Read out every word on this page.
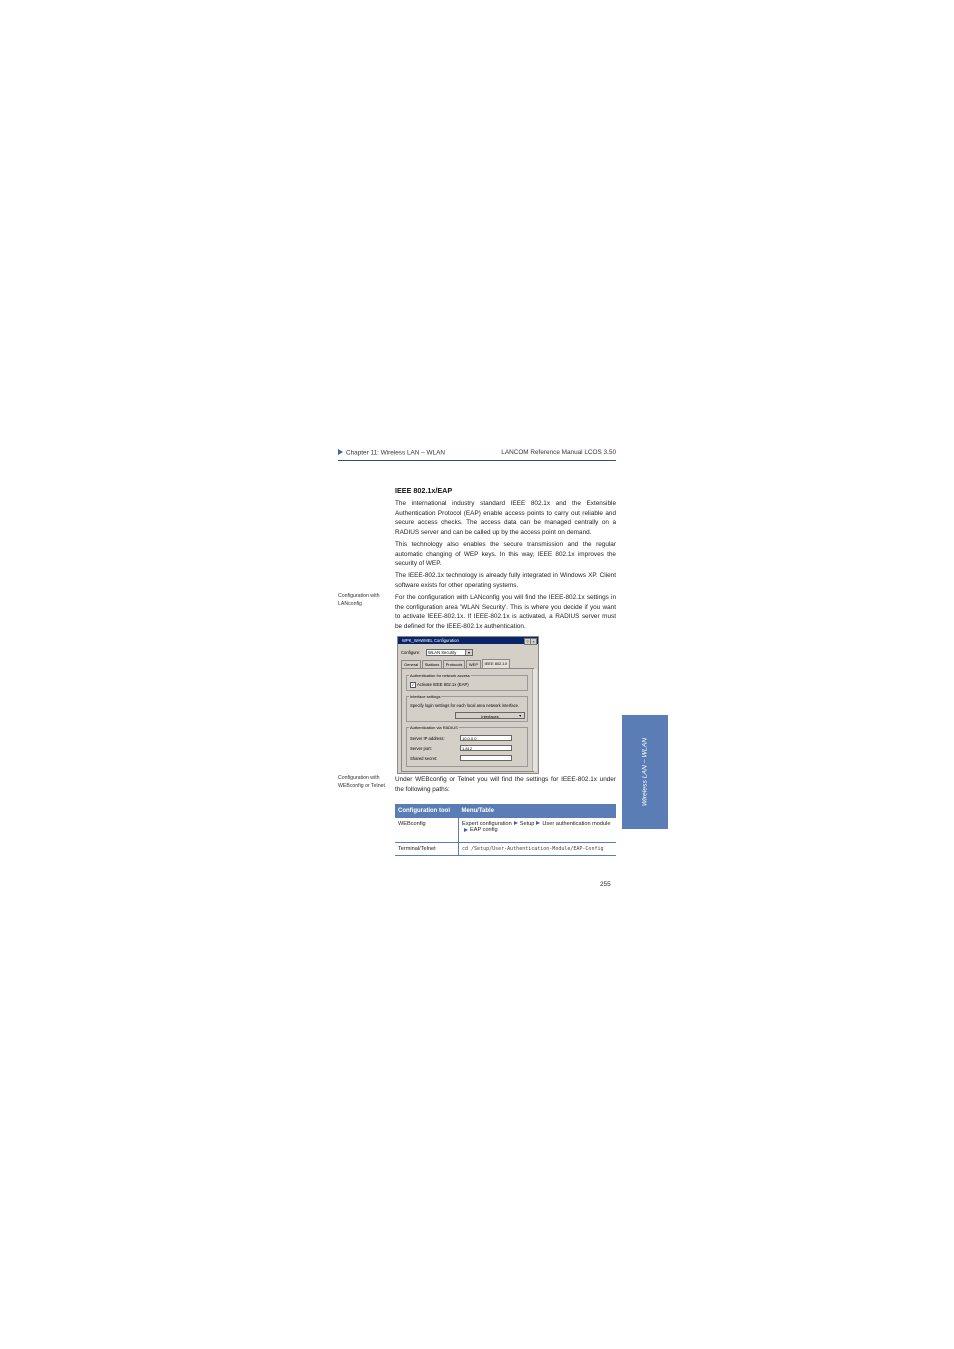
Chapter 11: Wireless LAN – WLAN	LANCOM Reference Manual LCOS 3.50
Wireless LAN – WLAN
IEEE 802.1x/EAP
The international industry standard IEEE 802.1x and the Extensible Authentication Protocol (EAP) enable access points to carry out reliable and secure access checks. The access data can be managed centrally on a RADIUS server and can be called up by the access point on demand.
This technology also enables the secure transmission and the regular automatic changing of WEP keys. In this way, IEEE 802.1x improves the security of WEP.
The IEEE-802.1x technology is already fully integrated in Windows XP. Client software exists for other operating systems.
Configuration with LANconfig
For the configuration with LANconfig you will find the IEEE-802.1x settings in the configuration area 'WLAN Security'. This is where you decide if you want to activate IEEE-802.1x. If IEEE-802.1x is activated, a RADIUS server must be defined for the IEEE-802.1x authentication.
WPK_WAWMEL Configuration	? ×
Configure:	WLAN Security	▼
General	Stations	Protocols	WEP	IEEE 802.1X
Authentication for network access
✓ Activate IEEE 802.1x (EAP)
Interface settings
Specify login settings for each local area network interface.
Interfaces	▼
Authentication via RADIUS
Server IP address:	10.0.0.0
Server port:	1.812
Shared secret:
Configuration with WEBconfig or Telnet
Under WEBconfig or Telnet you will find the settings for IEEE-802.1x under the following paths:
Configuration tool	Menu/Table
WEBconfig	Expert configuration Setup User authentication moduleEAP config
Terminal/Telnet	cd /Setup/User-Authentication-Module/EAP-Config
255
